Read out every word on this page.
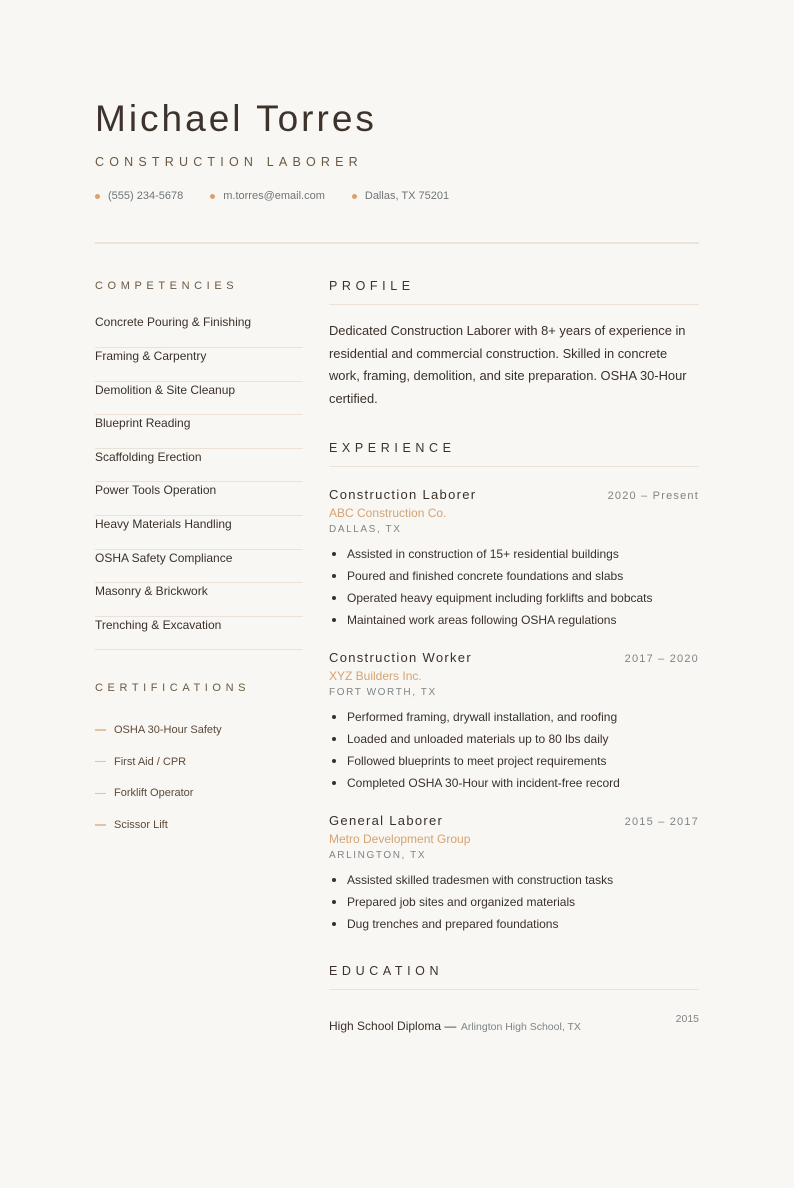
Michael Torres
CONSTRUCTION LABORER
(555) 234-5678	m.torres@email.com	Dallas, TX 75201
COMPETENCIES
Concrete Pouring & Finishing
Framing & Carpentry
Demolition & Site Cleanup
Blueprint Reading
Scaffolding Erection
Power Tools Operation
Heavy Materials Handling
OSHA Safety Compliance
Masonry & Brickwork
Trenching & Excavation
CERTIFICATIONS
OSHA 30-Hour Safety
First Aid / CPR
Forklift Operator
Scissor Lift
PROFILE

Dedicated Construction Laborer with 8+ years of experience in residential and commercial construction. Skilled in concrete work, framing, demolition, and site preparation. OSHA 30-Hour certified.

EXPERIENCE
Construction Laborer	2020 – Present
ABC Construction Co.
DALLAS, TX
Assisted in construction of 15+ residential buildings
Poured and finished concrete foundations and slabs
Operated heavy equipment including forklifts and bobcats
Maintained work areas following OSHA regulations
Construction Worker	2017 – 2020
XYZ Builders Inc.
FORT WORTH, TX
Performed framing, drywall installation, and roofing
Loaded and unloaded materials up to 80 lbs daily
Followed blueprints to meet project requirements
Completed OSHA 30-Hour with incident-free record
General Laborer	2015 – 2017
Metro Development Group
ARLINGTON, TX
Assisted skilled tradesmen with construction tasks
Prepared job sites and organized materials
Dug trenches and prepared foundations
EDUCATION
High School Diploma — Arlington High School, TX
2015
